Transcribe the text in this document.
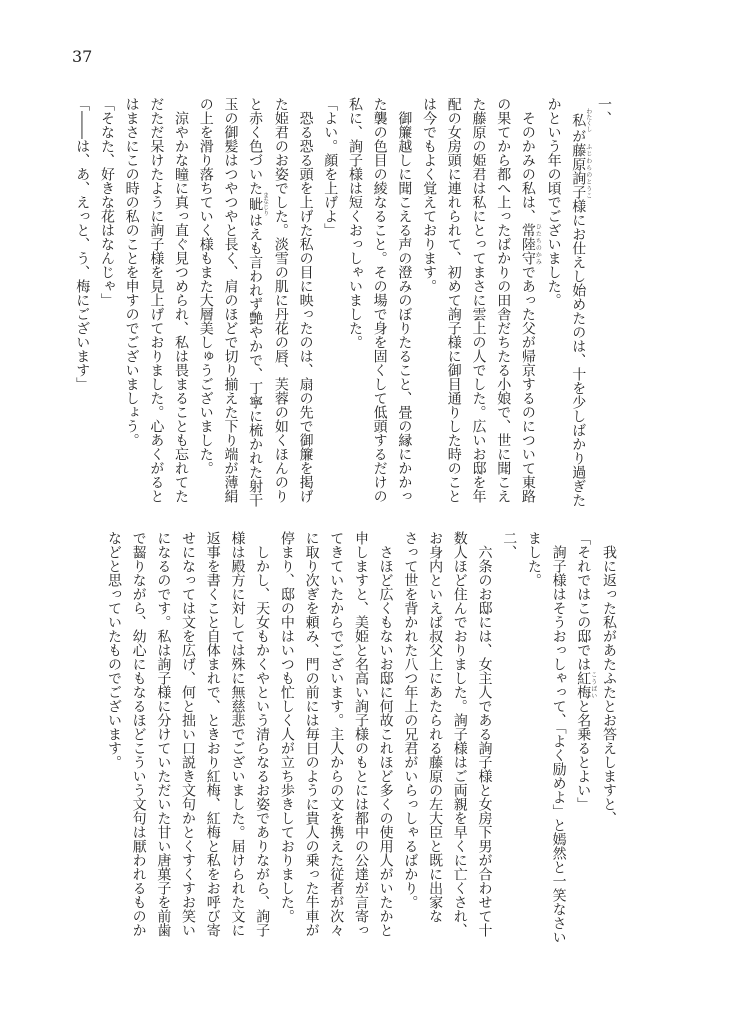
37
一、
　私わたくしが藤原詢子ふじわらのとうこ様にお仕えし始めたのは、十を少しばかり過ぎた
かという年の頃でございました。
　そのかみの私は、常陸守ひたちのかみであった父が帰京するのについて東路
の果てから都へ上ったばかりの田舎だちたる小娘で、世に聞こえ
た藤原の姫君は私にとってまさに雲上の人でした。広いお邸を年
配の女房頭に連れられて、初めて詢子様に御目通りした時のこと
は今でもよく覚えております。
　御簾越しに聞こえる声の澄みのぼりたること、畳の縁にかかっ
た襲の色目の綾なること。その場で身を固くして低頭するだけの
私に、詢子様は短くおっしゃいました。
「よい。顔を上げよ」
　恐る恐る頭を上げた私の目に映ったのは、扇の先で御簾を掲げ
た姫君のお姿でした。淡雪の肌に丹花の唇、芙蓉の如くほんのり
と赤く色づいた眦まなじりはえも言われず艶やかで、丁寧に梳かれた射干
玉の御髪はつやつやと長く、肩のほどで切り揃えた下り端が薄絹
の上を滑り落ちていく様もまた大層美しゅうございました。
　涼やかな瞳に真っ直ぐ見つめられ、私は畏まることも忘れてた
だただ呆けたように詢子様を見上げておりました。心あくがると
はまさにこの時の私のことを申すのでございましょう。
「そなた、好きな花はなんじゃ」
「――は、あ、えっと、う、梅にございます」
　我に返った私があたふたとお答えしますと、
「それではこの邸では紅梅こうばいと名乗るとよい」
　詢子様はそうおっしゃって、「よく励めよ」と嫣然と一笑なさい
ました。
二、
　六条のお邸には、女主人である詢子様と女房下男が合わせて十
数人ほど住んでおりました。詢子様はご両親を早くに亡くされ、
お身内といえば叔父上にあたられる藤原の左大臣と既に出家な
さって世を背かれた八つ年上の兄君がいらっしゃるばかり。
　さほど広くもないお邸に何故これほど多くの使用人がいたかと
申しますと、美姫と名高い詢子様のもとには都中の公達が言寄っ
てきていたからでございます。主人からの文を携えた従者が次々
に取り次ぎを頼み、門の前には毎日のように貴人の乗った牛車が
停まり、邸の中はいつも忙しく人が立ち歩きしておりました。
　しかし、天女もかくやという清らなるお姿でありながら、詢子
様は殿方に対しては殊に無慈悲でございました。届けられた文に
返事を書くこと自体まれで、ときおり紅梅、紅梅と私をお呼び寄
せになっては文を広げ、何と拙い口説き文句かとくすくすお笑い
になるのです。私は詢子様に分けていただいた甘い唐菓子を前歯
で齧りながら、幼心にもなるほどこういう文句は厭われるものか
などと思っていたものでございます。
